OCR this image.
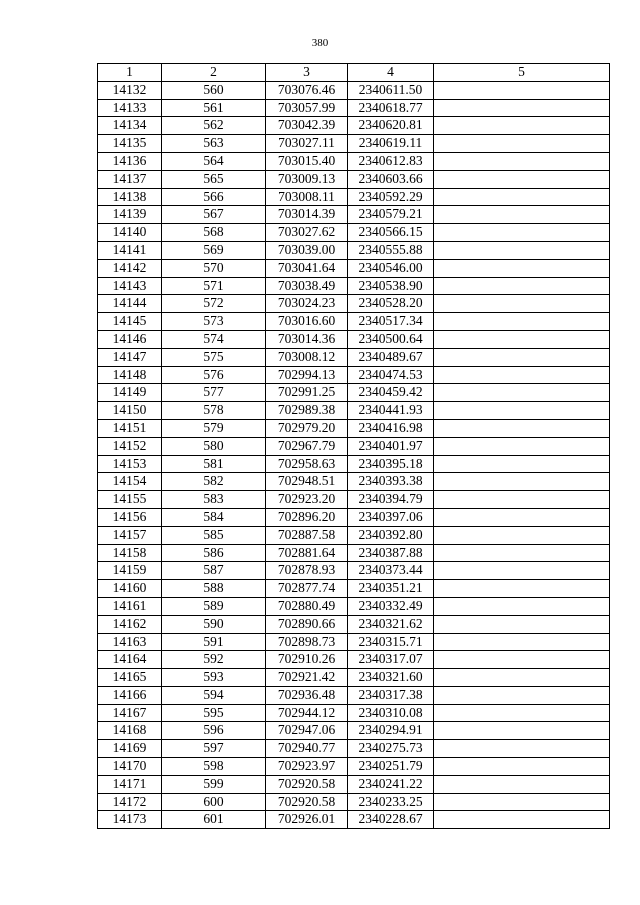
380
1	2	3	4	5
14132	560	703076.46	2340611.50	
14133	561	703057.99	2340618.77	
14134	562	703042.39	2340620.81	
14135	563	703027.11	2340619.11	
14136	564	703015.40	2340612.83	
14137	565	703009.13	2340603.66	
14138	566	703008.11	2340592.29	
14139	567	703014.39	2340579.21	
14140	568	703027.62	2340566.15	
14141	569	703039.00	2340555.88	
14142	570	703041.64	2340546.00	
14143	571	703038.49	2340538.90	
14144	572	703024.23	2340528.20	
14145	573	703016.60	2340517.34	
14146	574	703014.36	2340500.64	
14147	575	703008.12	2340489.67	
14148	576	702994.13	2340474.53	
14149	577	702991.25	2340459.42	
14150	578	702989.38	2340441.93	
14151	579	702979.20	2340416.98	
14152	580	702967.79	2340401.97	
14153	581	702958.63	2340395.18	
14154	582	702948.51	2340393.38	
14155	583	702923.20	2340394.79	
14156	584	702896.20	2340397.06	
14157	585	702887.58	2340392.80	
14158	586	702881.64	2340387.88	
14159	587	702878.93	2340373.44	
14160	588	702877.74	2340351.21	
14161	589	702880.49	2340332.49	
14162	590	702890.66	2340321.62	
14163	591	702898.73	2340315.71	
14164	592	702910.26	2340317.07	
14165	593	702921.42	2340321.60	
14166	594	702936.48	2340317.38	
14167	595	702944.12	2340310.08	
14168	596	702947.06	2340294.91	
14169	597	702940.77	2340275.73	
14170	598	702923.97	2340251.79	
14171	599	702920.58	2340241.22	
14172	600	702920.58	2340233.25	
14173	601	702926.01	2340228.67	
